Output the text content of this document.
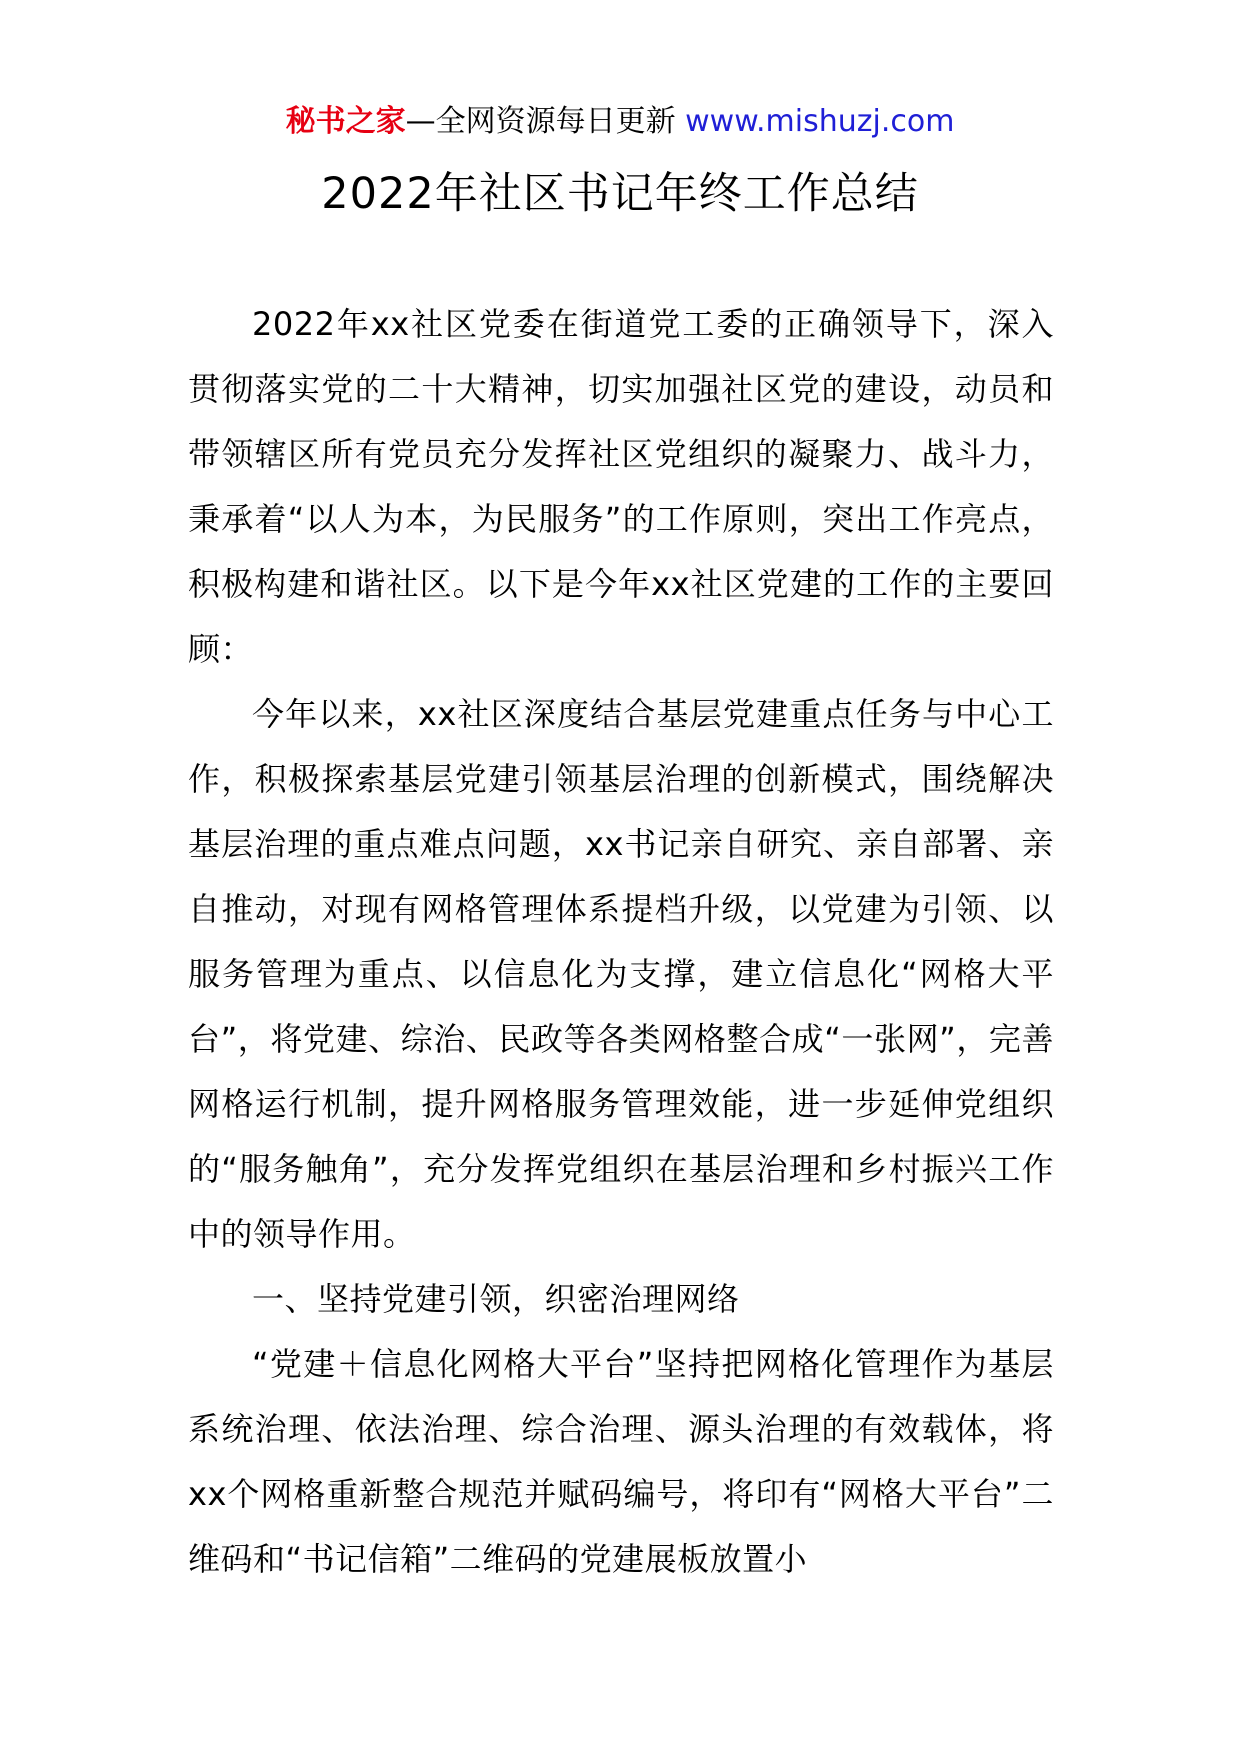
秘书之家—全网资源每日更新 www.mishuzj.com
2022年社区书记年终工作总结

2022年xx社区党委在街道党工委的正确领导下，深入贯彻落实党的二十大精神，切实加强社区党的建设，动员和带领辖区所有党员充分发挥社区党组织的凝聚力、战斗力，秉承着“以人为本，为民服务”的工作原则，突出工作亮点，积极构建和谐社区。以下是今年xx社区党建的工作的主要回顾：

今年以来，xx社区深度结合基层党建重点任务与中心工作，积极探索基层党建引领基层治理的创新模式，围绕解决基层治理的重点难点问题，xx书记亲自研究、亲自部署、亲自推动，对现有网格管理体系提档升级，以党建为引领、以服务管理为重点、以信息化为支撑，建立信息化“网格大平台”，将党建、综治、民政等各类网格整合成“一张网”，完善网格运行机制，提升网格服务管理效能，进一步延伸党组织的“服务触角”，充分发挥党组织在基层治理和乡村振兴工作中的领导作用。

一、坚持党建引领，织密治理网络

“党建＋信息化网格大平台”坚持把网格化管理作为基层系统治理、依法治理、综合治理、源头治理的有效载体，将xx个网格重新整合规范并赋码编号，将印有“网格大平台”二维码和“书记信箱”二维码的党建展板放置小
